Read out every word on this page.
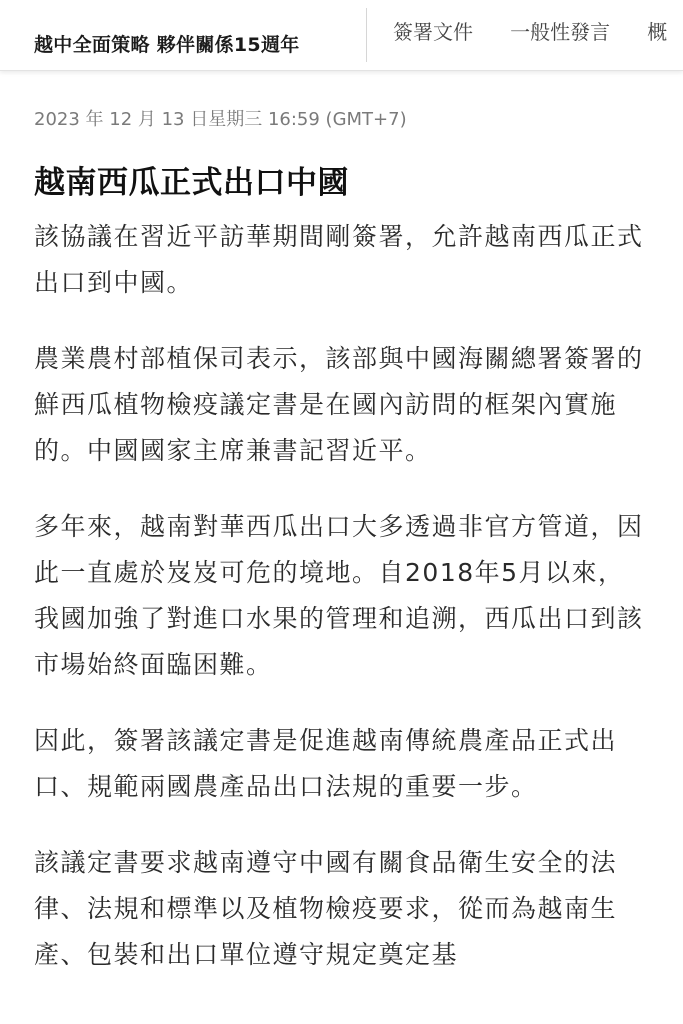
越中全面策略 夥伴關係15週年
簽署文件 一般性發言 概
2023 年 12 月 13 日星期三 16:59 (GMT+7)
越南西瓜正式出口中國

該協議在習近平訪華期間剛簽署，允許越南西瓜正式出口到中國。

農業農村部植保司表示，該部與中國海關總署簽署的鮮西瓜植物檢疫議定書是在國內訪問的框架內實施的。中國國家主席兼書記習近平。

多年來，越南對華西瓜出口大多透過非官方管道，因此一直處於岌岌可危的境地。自2018年5月以來，我國加強了對進口水果的管理和追溯，西瓜出口到該市場始終面臨困難。

因此，簽署該議定書是促進越南傳統農產品正式出口、規範兩國農產品出口法規的重要一步。

該議定書要求越南遵守中國有關食品衛生安全的法律、法規和標準以及植物檢疫要求，從而為越南生產、包裝和出口單位遵守規定奠定基
